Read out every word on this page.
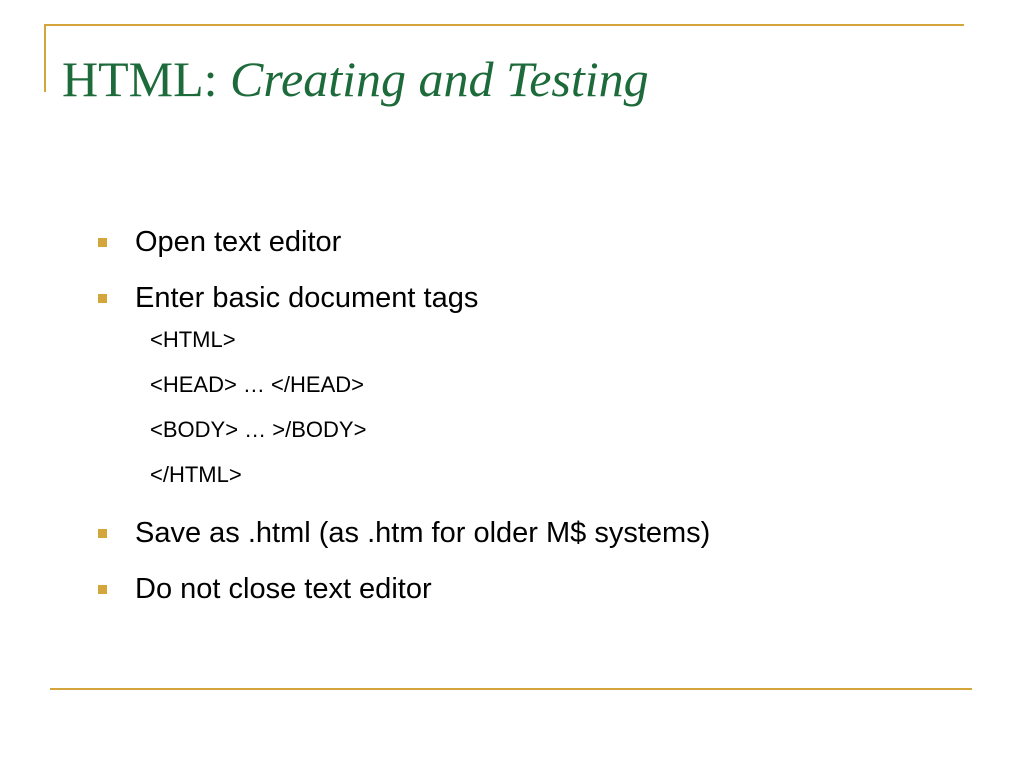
HTML: Creating and Testing
Open text editor
Enter basic document tags
<HTML>
<HEAD> … </HEAD>
<BODY> … >/BODY>
</HTML>
Save as .html (as .htm for older M$ systems)
Do not close text editor
